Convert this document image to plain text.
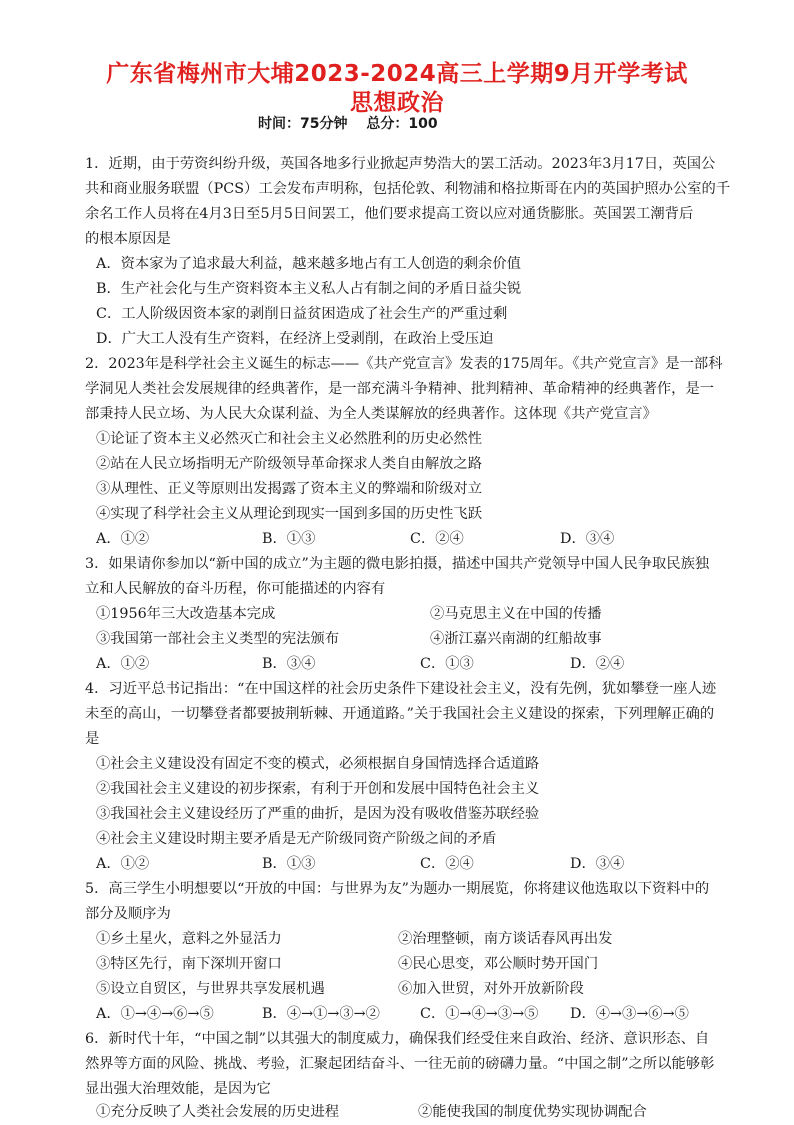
广东省梅州市大埔2023-2024高三上学期9月开学考试
思想政治
时间：75分钟 总分：100
1．近期，由于劳资纠纷升级，英国各地多行业掀起声势浩大的罢工活动。2023年3月17日，英国公
共和商业服务联盟（PCS）工会发布声明称，包括伦敦、利物浦和格拉斯哥在内的英国护照办公室的千
余名工作人员将在4月3日至5月5日间罢工，他们要求提高工资以应对通货膨胀。英国罢工潮背后
的根本原因是
A．资本家为了追求最大利益，越来越多地占有工人创造的剩余价值
B．生产社会化与生产资料资本主义私人占有制之间的矛盾日益尖锐
C．工人阶级因资本家的剥削日益贫困造成了社会生产的严重过剩
D．广大工人没有生产资料，在经济上受剥削，在政治上受压迫
2．2023年是科学社会主义诞生的标志——《共产党宣言》发表的175周年。《共产党宣言》是一部科
学洞见人类社会发展规律的经典著作，是一部充满斗争精神、批判精神、革命精神的经典著作，是一
部秉持人民立场、为人民大众谋利益、为全人类谋解放的经典著作。这体现《共产党宣言》
①论证了资本主义必然灭亡和社会主义必然胜利的历史必然性
②站在人民立场指明无产阶级领导革命探求人类自由解放之路
③从理性、正义等原则出发揭露了资本主义的弊端和阶级对立
④实现了科学社会主义从理论到现实一国到多国的历史性飞跃
A．①②	B．①③	C．②④	D．③④
3．如果请你参加以“新中国的成立”为主题的微电影拍摄，描述中国共产党领导中国人民争取民族独
立和人民解放的奋斗历程，你可能描述的内容有
①1956年三大改造基本完成	②马克思主义在中国的传播
③我国第一部社会主义类型的宪法颁布	④浙江嘉兴南湖的红船故事
A．①②	B．③④	C．①③	D．②④
4．习近平总书记指出：“在中国这样的社会历史条件下建设社会主义，没有先例，犹如攀登一座人迹
未至的高山，一切攀登者都要披荆斩棘、开通道路。”关于我国社会主义建设的探索，下列理解正确的
是
①社会主义建设没有固定不变的模式，必须根据自身国情选择合适道路
②我国社会主义建设的初步探索，有利于开创和发展中国特色社会主义
③我国社会主义建设经历了严重的曲折，是因为没有吸收借鉴苏联经验
④社会主义建设时期主要矛盾是无产阶级同资产阶级之间的矛盾
A．①②	B．①③	C．②④	D．③④
5．高三学生小明想要以“开放的中国：与世界为友”为题办一期展览，你将建议他选取以下资料中的
部分及顺序为
①乡土星火，意料之外显活力	②治理整顿，南方谈话春风再出发
③特区先行，南下深圳开窗口	④民心思变，邓公顺时势开国门
⑤设立自贸区，与世界共享发展机遇	⑥加入世贸，对外开放新阶段
A．①→④→⑥→⑤	B．④→①→③→②	C．①→④→③→⑤ D．④→③→⑥→⑤
6．新时代十年，“中国之制”以其强大的制度威力，确保我们经受住来自政治、经济、意识形态、自
然界等方面的风险、挑战、考验，汇聚起团结奋斗、一往无前的磅礴力量。“中国之制”之所以能够彰
显出强大治理效能，是因为它
①充分反映了人类社会发展的历史进程	②能使我国的制度优势实现协调配合
